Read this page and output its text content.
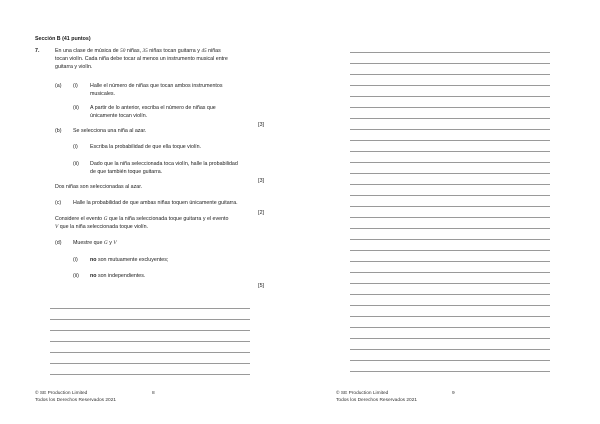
Sección B (41 puntos)
7.	En una clase de música de 50 niñas, 35 niñas tocan guitarra y 45 niñas
tocan violín. Cada niña debe tocar al menos un instrumento musical entre
guitarra y violín.
(a) (i) Halle el número de niñas que tocan ambos instrumentos
musicales.
(ii) A partir de lo anterior, escriba el número de niñas que
únicamente tocan violín.
[3]
(b) Se selecciona una niña al azar.
(i) Escriba la probabilidad de que ella toque violín.
(ii) Dado que la niña seleccionada toca violín, halle la probabilidad
de que también toque guitarra.
[3]
Dos niñas son seleccionadas al azar.
(c) Halle la probabilidad de que ambas niñas toquen únicamente guitarra.
[2]
Considere el evento G que la niña seleccionada toque guitarra y el evento
V que la niña seleccionada toque violín.
(d) Muestre que G y V
(i) no son mutuamente excluyentes;
(ii) no son independientes.
[5]
© SE Production Limited
Todos los Derechos Reservados 2021
8	© SE Production Limited
Todos los Derechos Reservados 2021
9
